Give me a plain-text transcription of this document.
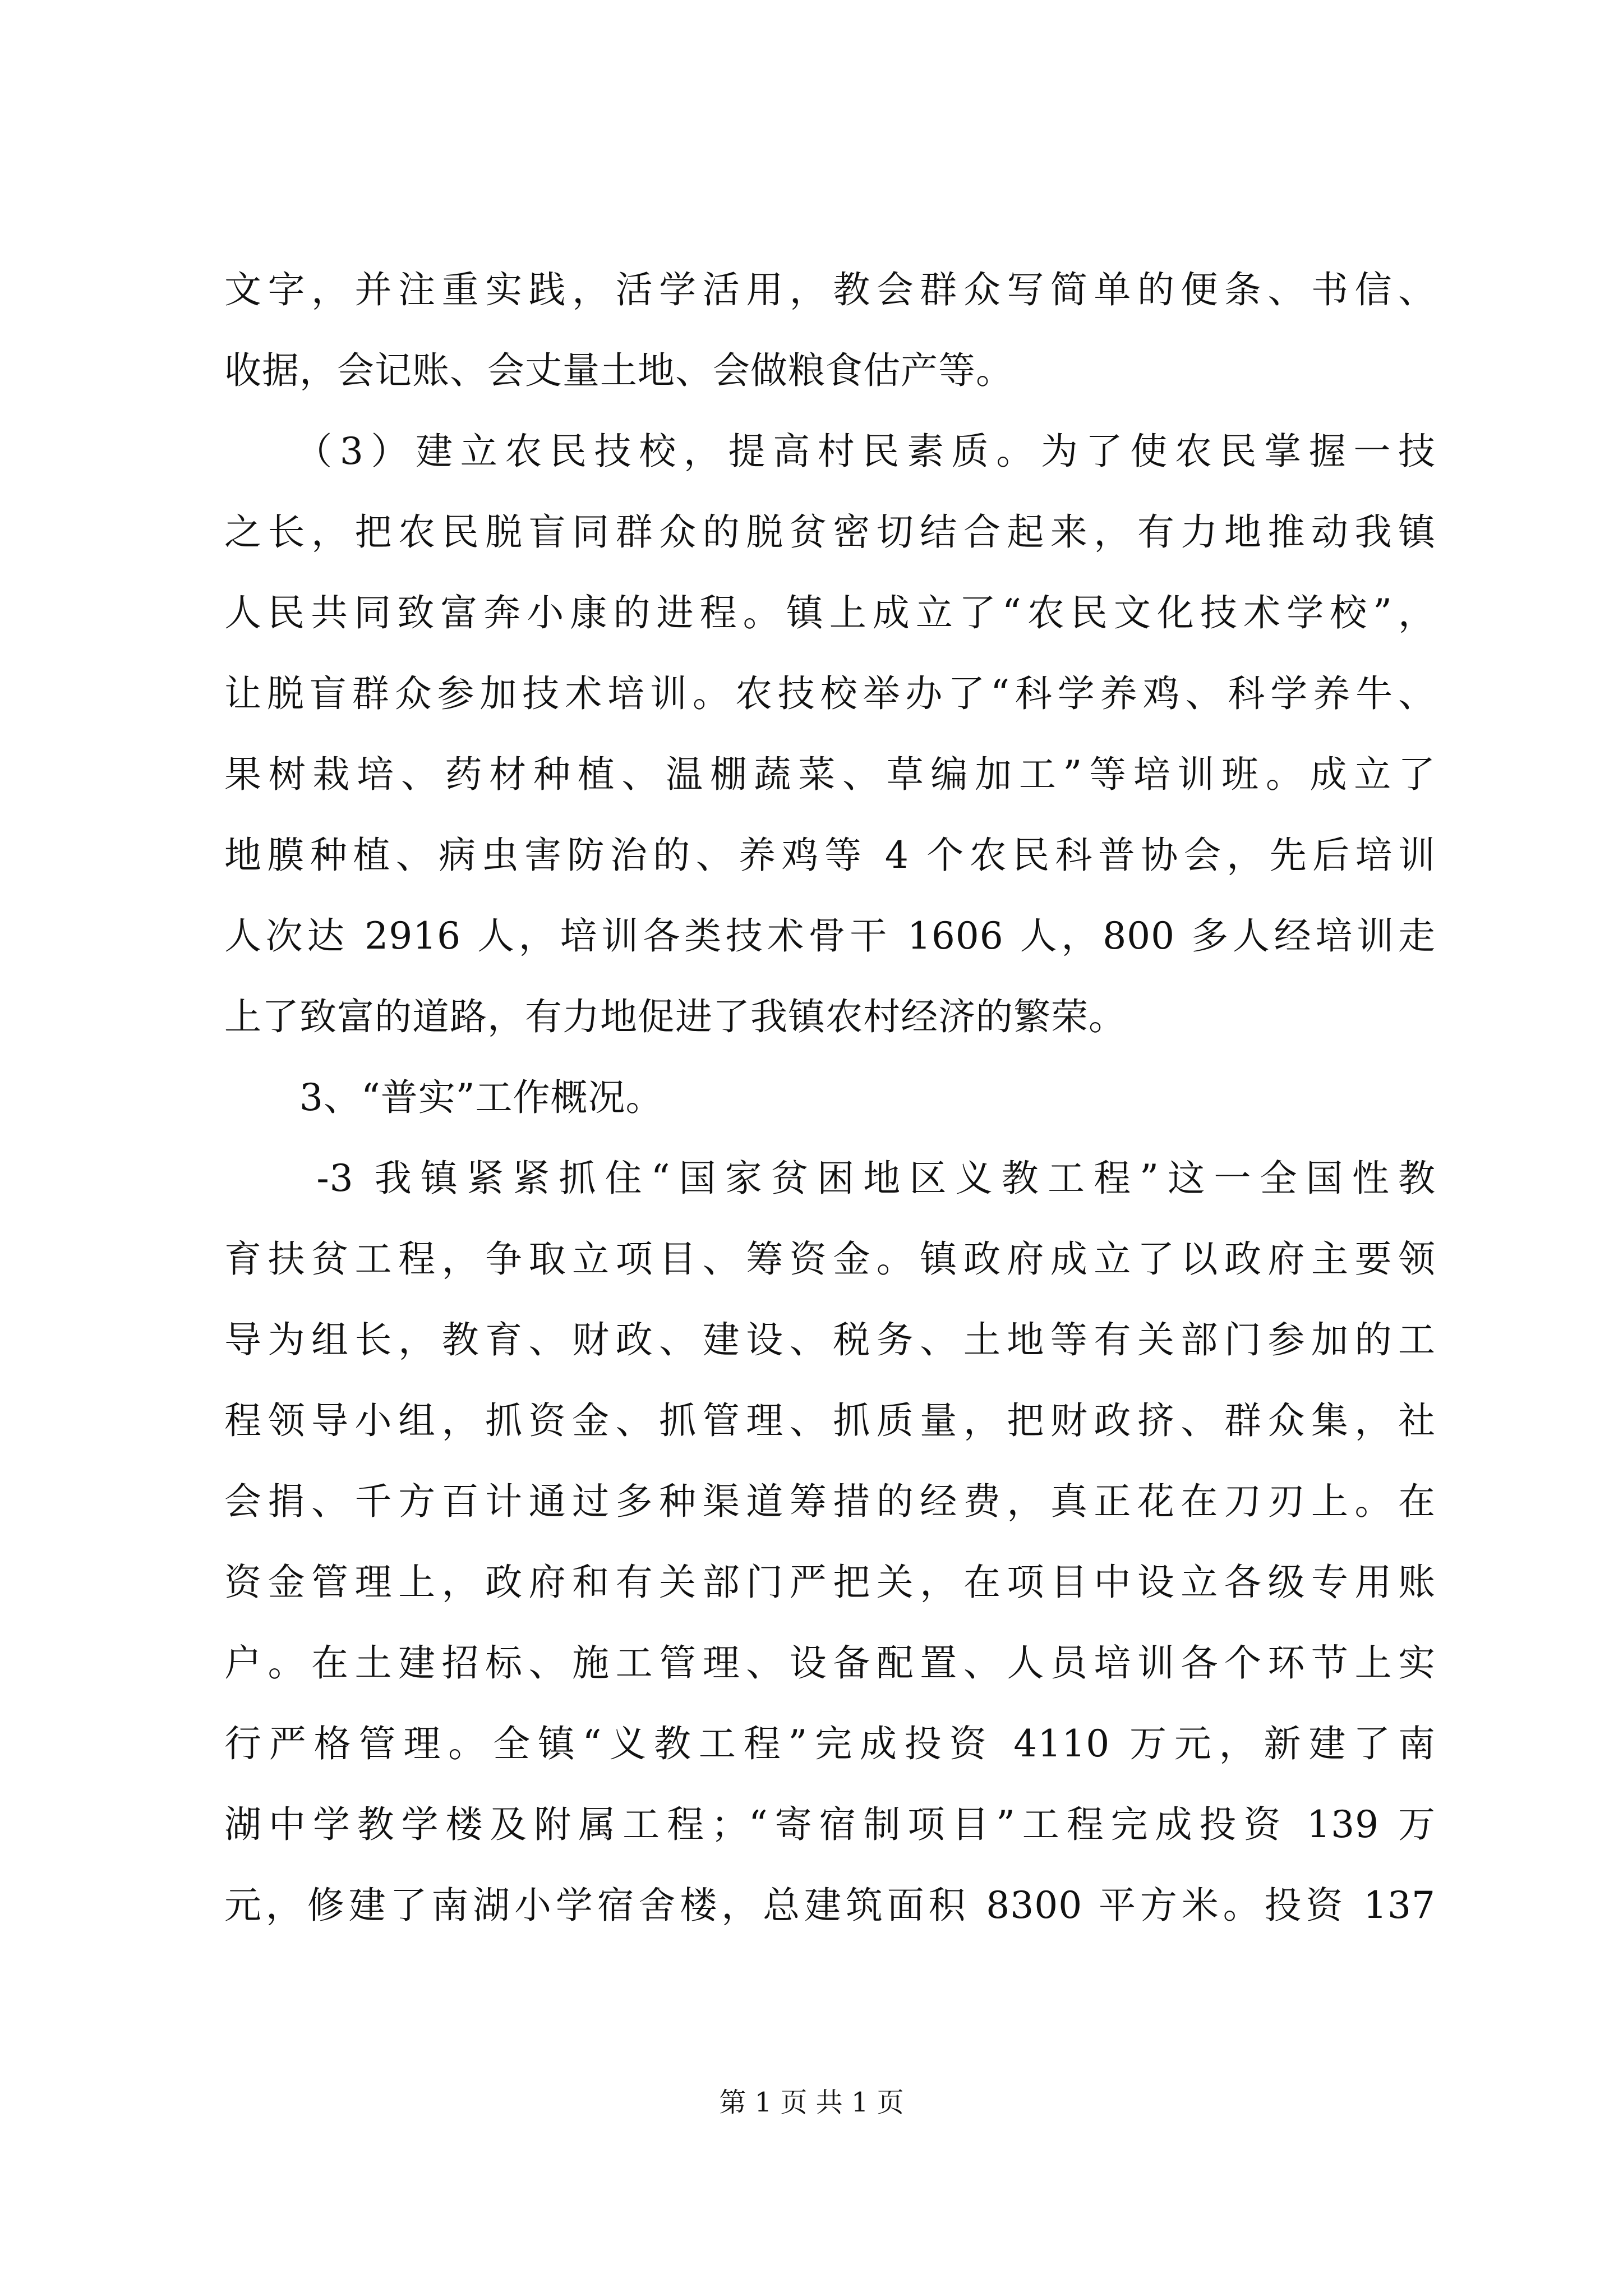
文字，并注重实践，活学活用，教会群众写简单的便条、书信、
收据，会记账、会丈量土地、会做粮食估产等。
　　（3）建立农民技校，提高村民素质。为了使农民掌握一技
之长，把农民脱盲同群众的脱贫密切结合起来，有力地推动我镇
人民共同致富奔小康的进程。镇上成立了“农民文化技术学校”，
让脱盲群众参加技术培训。农技校举办了“科学养鸡、科学养牛、
果树栽培、药材种植、温棚蔬菜、草编加工”等培训班。成立了
地膜种植、病虫害防治的、养鸡等 4 个农民科普协会，先后培训
人次达 2916 人，培训各类技术骨干 1606 人，800 多人经培训走
上了致富的道路，有力地促进了我镇农村经济的繁荣。
　　3、“普实”工作概况。
　　-3 我镇紧紧抓住“国家贫困地区义教工程”这一全国性教
育扶贫工程，争取立项目、筹资金。镇政府成立了以政府主要领
导为组长，教育、财政、建设、税务、土地等有关部门参加的工
程领导小组，抓资金、抓管理、抓质量，把财政挤、群众集，社
会捐、千方百计通过多种渠道筹措的经费，真正花在刀刃上。在
资金管理上，政府和有关部门严把关，在项目中设立各级专用账
户。在土建招标、施工管理、设备配置、人员培训各个环节上实
行严格管理。全镇“义教工程”完成投资 4110 万元，新建了南
湖中学教学楼及附属工程；“寄宿制项目”工程完成投资 139 万
元，修建了南湖小学宿舍楼，总建筑面积 8300 平方米。投资 137
第 1 页 共 1 页
